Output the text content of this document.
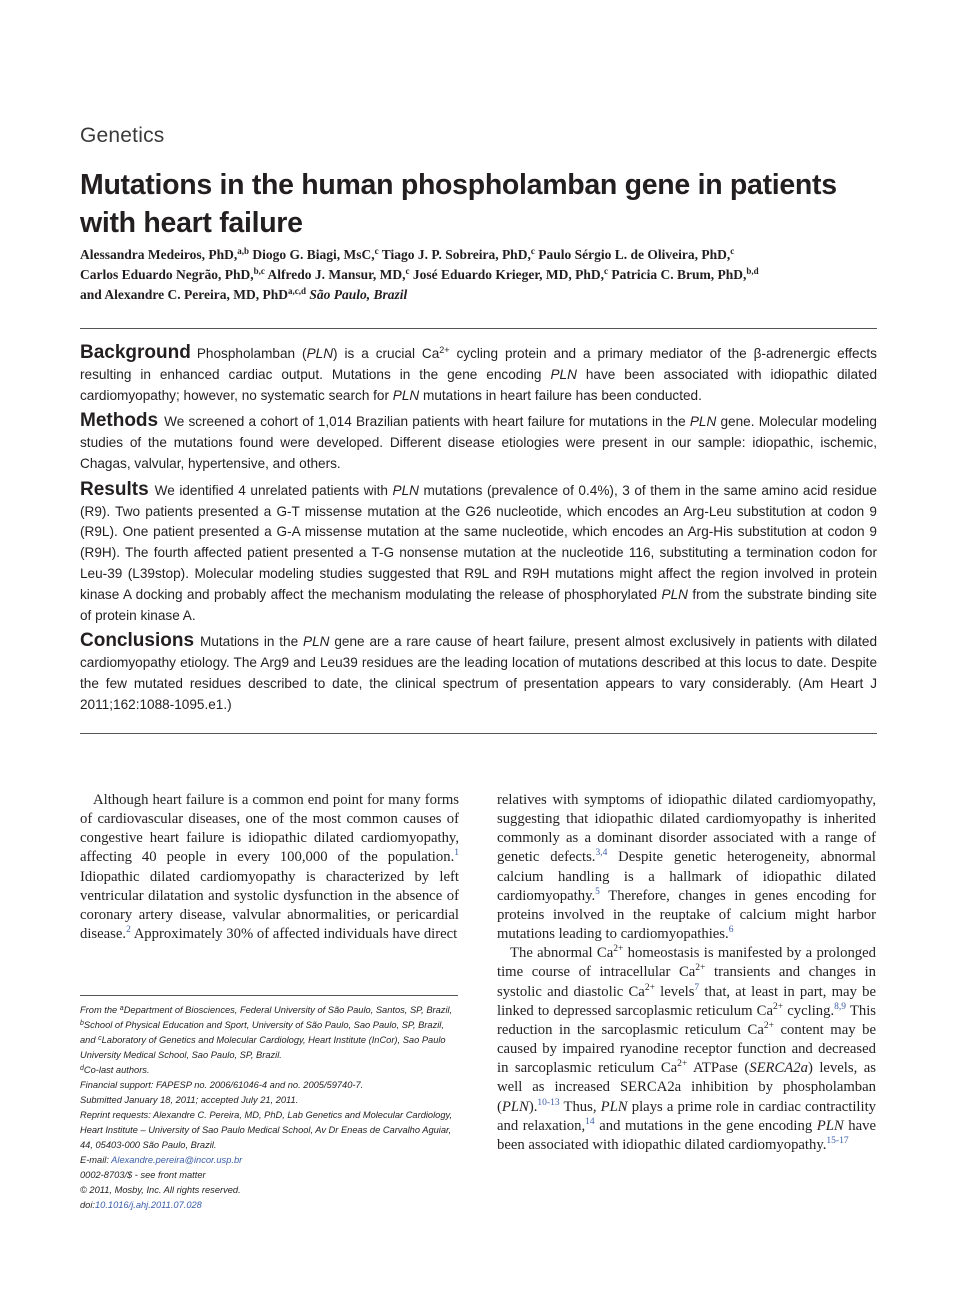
Genetics
Mutations in the human phospholamban gene in patients with heart failure
Alessandra Medeiros, PhD,$^{a,b}$ Diogo G. Biagi, MsC,$^c$ Tiago J. P. Sobreira, PhD,$^c$ Paulo Sérgio L. de Oliveira, PhD,$^c$
Carlos Eduardo Negrão, PhD,$^{b,c}$ Alfredo J. Mansur, MD,$^c$ José Eduardo Krieger, MD, PhD,$^c$ Patricia C. Brum, PhD,$^{b,d}$
and Alexandre C. Pereira, MD, PhD$^{a,c,d}$ São Paulo, Brazil

Background Phospholamban (PLN) is a crucial $Ca^{2+}$ cycling protein and a primary mediator of the β-adrenergic effects resulting in enhanced cardiac output. Mutations in the gene encoding PLN have been associated with idiopathic dilated cardiomyopathy; however, no systematic search for PLN mutations in heart failure has been conducted.

Methods We screened a cohort of 1,014 Brazilian patients with heart failure for mutations in the PLN gene. Molecular modeling studies of the mutations found were developed. Different disease etiologies were present in our sample: idiopathic, ischemic, Chagas, valvular, hypertensive, and others.

Results We identified 4 unrelated patients with PLN mutations (prevalence of 0.4%), 3 of them in the same amino acid residue (R9). Two patients presented a G-T missense mutation at the G26 nucleotide, which encodes an Arg-Leu substitution at codon 9 (R9L). One patient presented a G-A missense mutation at the same nucleotide, which encodes an Arg-His substitution at codon 9 (R9H). The fourth affected patient presented a T-G nonsense mutation at the nucleotide 116, substituting a termination codon for Leu-39 (L39stop). Molecular modeling studies suggested that R9L and R9H mutations might affect the region involved in protein kinase A docking and probably affect the mechanism modulating the release of phosphorylated PLN from the substrate binding site of protein kinase A.

Conclusions Mutations in the PLN gene are a rare cause of heart failure, present almost exclusively in patients with dilated cardiomyopathy etiology. The Arg9 and Leu39 residues are the leading location of mutations described at this locus to date. Despite the few mutated residues described to date, the clinical spectrum of presentation appears to vary considerably. (Am Heart J 2011;162:1088-1095.e1.)

Although heart failure is a common end point for many forms of cardiovascular diseases, one of the most common causes of congestive heart failure is idiopathic dilated cardiomyopathy, affecting 40 people in every 100,000 of the population.$^1$ Idiopathic dilated cardiomyopathy is characterized by left ventricular dilatation and systolic dysfunction in the absence of coronary artery disease, valvular abnormalities, or pericardial disease.$^2$ Approximately 30% of affected individuals have direct

relatives with symptoms of idiopathic dilated cardiomyopathy, suggesting that idiopathic dilated cardiomyopathy is inherited commonly as a dominant disorder associated with a range of genetic defects.$^{3,4}$ Despite genetic heterogeneity, abnormal calcium handling is a hallmark of idiopathic dilated cardiomyopathy.$^5$ Therefore, changes in genes encoding for proteins involved in the reuptake of calcium might harbor mutations leading to cardiomyopathies.$^6$

The abnormal $Ca^{2+}$ homeostasis is manifested by a prolonged time course of intracellular $Ca^{2+}$ transients and changes in systolic and diastolic $Ca^{2+}$ levels$^7$ that, at least in part, may be linked to depressed sarcoplasmic reticulum $Ca^{2+}$ cycling.$^{8,9}$ This reduction in the sarcoplasmic reticulum $Ca^{2+}$ content may be caused by impaired ryanodine receptor function and decreased in sarcoplasmic reticulum $Ca^{2+}$ ATPase (SERCA2a) levels, as well as increased SERCA2a inhibition by phospholamban (PLN).$^{10-13}$ Thus, PLN plays a prime role in cardiac contractility and relaxation,$^{14}$ and mutations in the gene encoding PLN have been associated with idiopathic dilated cardiomyopathy.$^{15-17}$

From the $^a$Department of Biosciences, Federal University of São Paulo, Santos, SP, Brazil, $^b$School of Physical Education and Sport, University of São Paulo, Sao Paulo, SP, Brazil, and $^c$Laboratory of Genetics and Molecular Cardiology, Heart Institute (InCor), Sao Paulo University Medical School, Sao Paulo, SP, Brazil.
$^d$Co-last authors.
Financial support: FAPESP no. 2006/61046-4 and no. 2005/59740-7.
Submitted January 18, 2011; accepted July 21, 2011.
Reprint requests: Alexandre C. Pereira, MD, PhD, Lab Genetics and Molecular Cardiology, Heart Institute – University of Sao Paulo Medical School, Av Dr Eneas de Carvalho Aguiar, 44, 05403-000 São Paulo, Brazil.
E-mail: Alexandre.pereira@incor.usp.br
0002-8703/$ - see front matter
© 2011, Mosby, Inc. All rights reserved.
doi:10.1016/j.ahj.2011.07.028
